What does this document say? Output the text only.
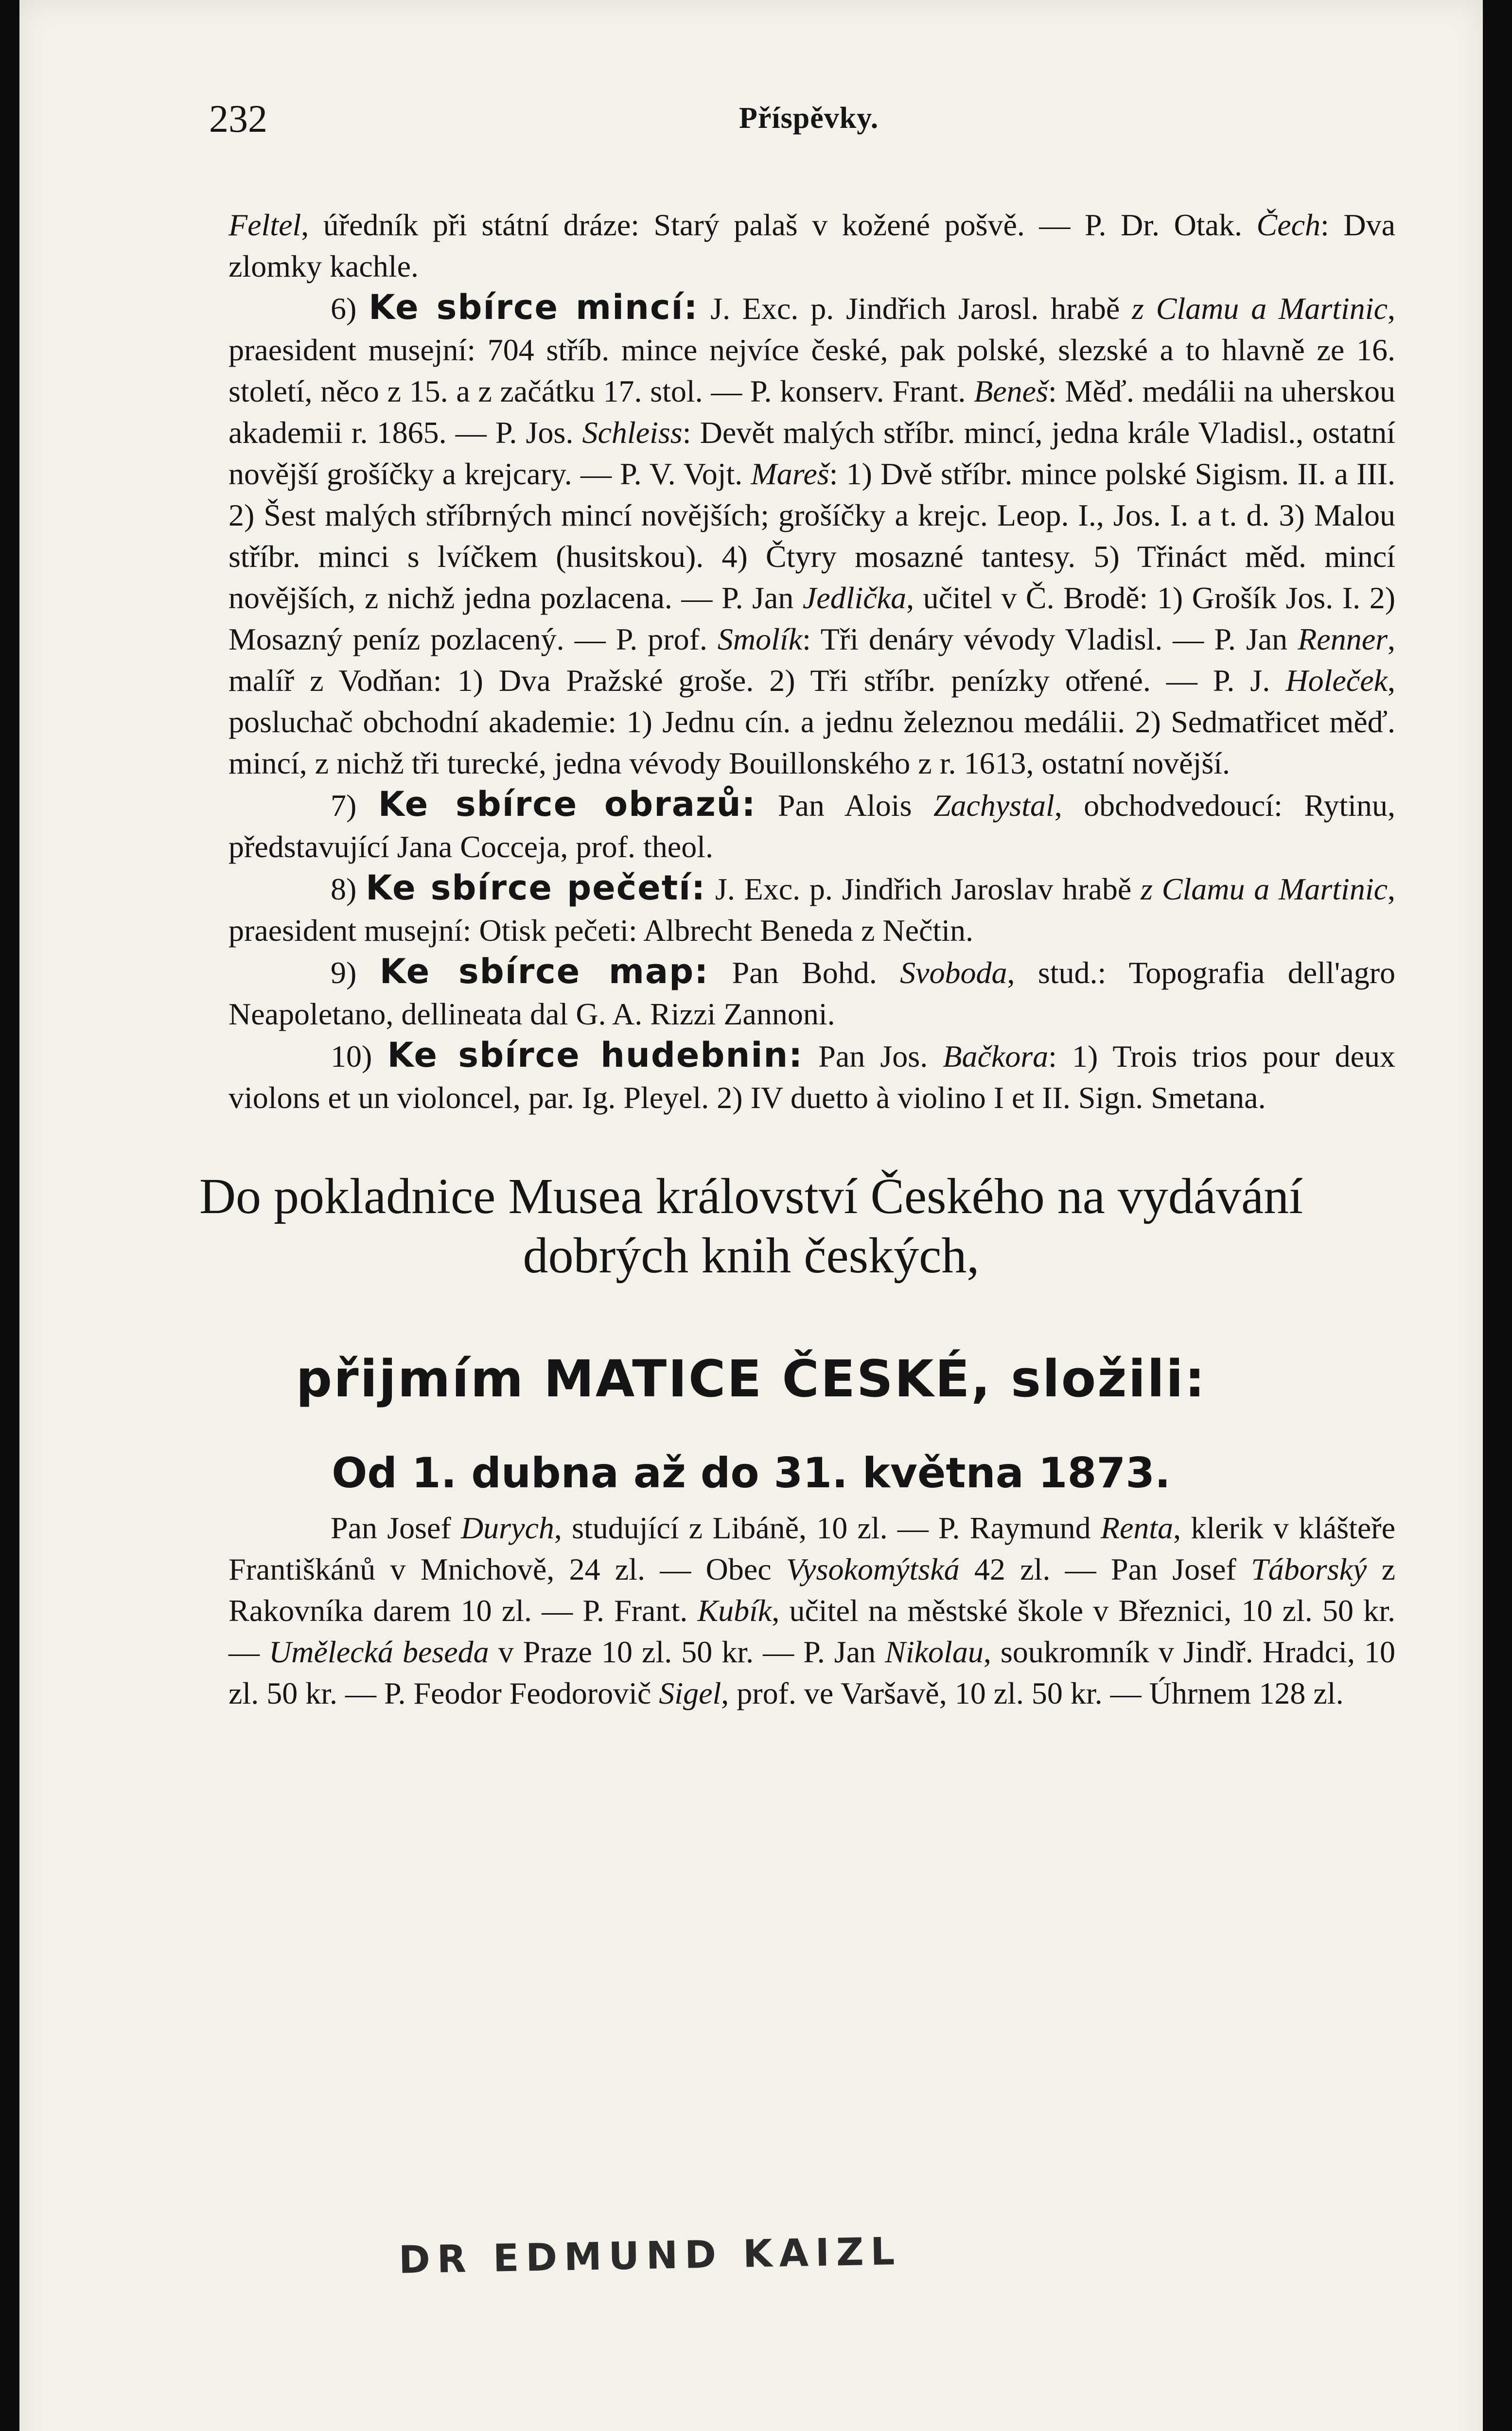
232	Příspěvky.

Feltel, úředník při státní dráze: Starý palaš v kožené pošvě. — P. Dr. Otak. Čech: Dva zlomky kachle.

6) Ke sbírce mincí: J. Exc. p. Jindřich Jarosl. hrabě z Clamu a Martinic, praesident musejní: 704 stříb. mince nejvíce české, pak polské, slezské a to hlavně ze 16. století, něco z 15. a z začátku 17. stol. — P. konserv. Frant. Beneš: Měď. medálii na uherskou akademii r. 1865. — P. Jos. Schleiss: Devět malých stříbr. mincí, jedna krále Vladisl., ostatní novější grošíčky a krejcary. — P. V. Vojt. Mareš: 1) Dvě stříbr. mince polské Sigism. II. a III. 2) Šest malých stříbrných mincí novějších; grošíčky a krejc. Leop. I., Jos. I. a t. d. 3) Malou stříbr. minci s lvíčkem (husitskou). 4) Čtyry mosazné tantesy. 5) Třináct měd. mincí novějších, z nichž jedna pozlacena. — P. Jan Jedlička, učitel v Č. Brodě: 1) Grošík Jos. I. 2) Mosazný peníz pozlacený. — P. prof. Smolík: Tři denáry vévody Vladisl. — P. Jan Renner, malíř z Vodňan: 1) Dva Pražské groše. 2) Tři stříbr. penízky otřené. — P. J. Holeček, posluchač obchodní akademie: 1) Jednu cín. a jednu železnou medálii. 2) Sedmatřicet měď. mincí, z nichž tři turecké, jedna vévody Bouillonského z r. 1613, ostatní novější.

7) Ke sbírce obrazů: Pan Alois Zachystal, obchodvedoucí: Rytinu, představující Jana Cocceja, prof. theol.

8) Ke sbírce pečetí: J. Exc. p. Jindřich Jaroslav hrabě z Clamu a Martinic, praesident musejní: Otisk pečeti: Albrecht Beneda z Nečtin.

9) Ke sbírce map: Pan Bohd. Svoboda, stud.: Topografia dell'agro Neapoletano, dellineata dal G. A. Rizzi Zannoni.

10) Ke sbírce hudebnin: Pan Jos. Bačkora: 1) Trois trios pour deux violons et un violoncel, par. Ig. Pleyel. 2) IV duetto à violino I et II. Sign. Smetana.

Do pokladnice Musea království Českého na vydávání
dobrých knih českých,
přijmím MATICE ČESKÉ, složili:
Od 1. dubna až do 31. května 1873.

Pan Josef Durych, studující z Libáně, 10 zl. — P. Raymund Renta, klerik v klášteře Františkánů v Mnichově, 24 zl. — Obec Vysokomýtská 42 zl. — Pan Josef Táborský z Rakovníka darem 10 zl. — P. Frant. Kubík, učitel na městské škole v Březnici, 10 zl. 50 kr. — Umělecká beseda v Praze 10 zl. 50 kr. — P. Jan Nikolau, soukromník v Jindř. Hradci, 10 zl. 50 kr. — P. Feodor Feodorovič Sigel, prof. ve Varšavě, 10 zl. 50 kr. — Úhrnem 128 zl.

DR EDMUND KAIZL
